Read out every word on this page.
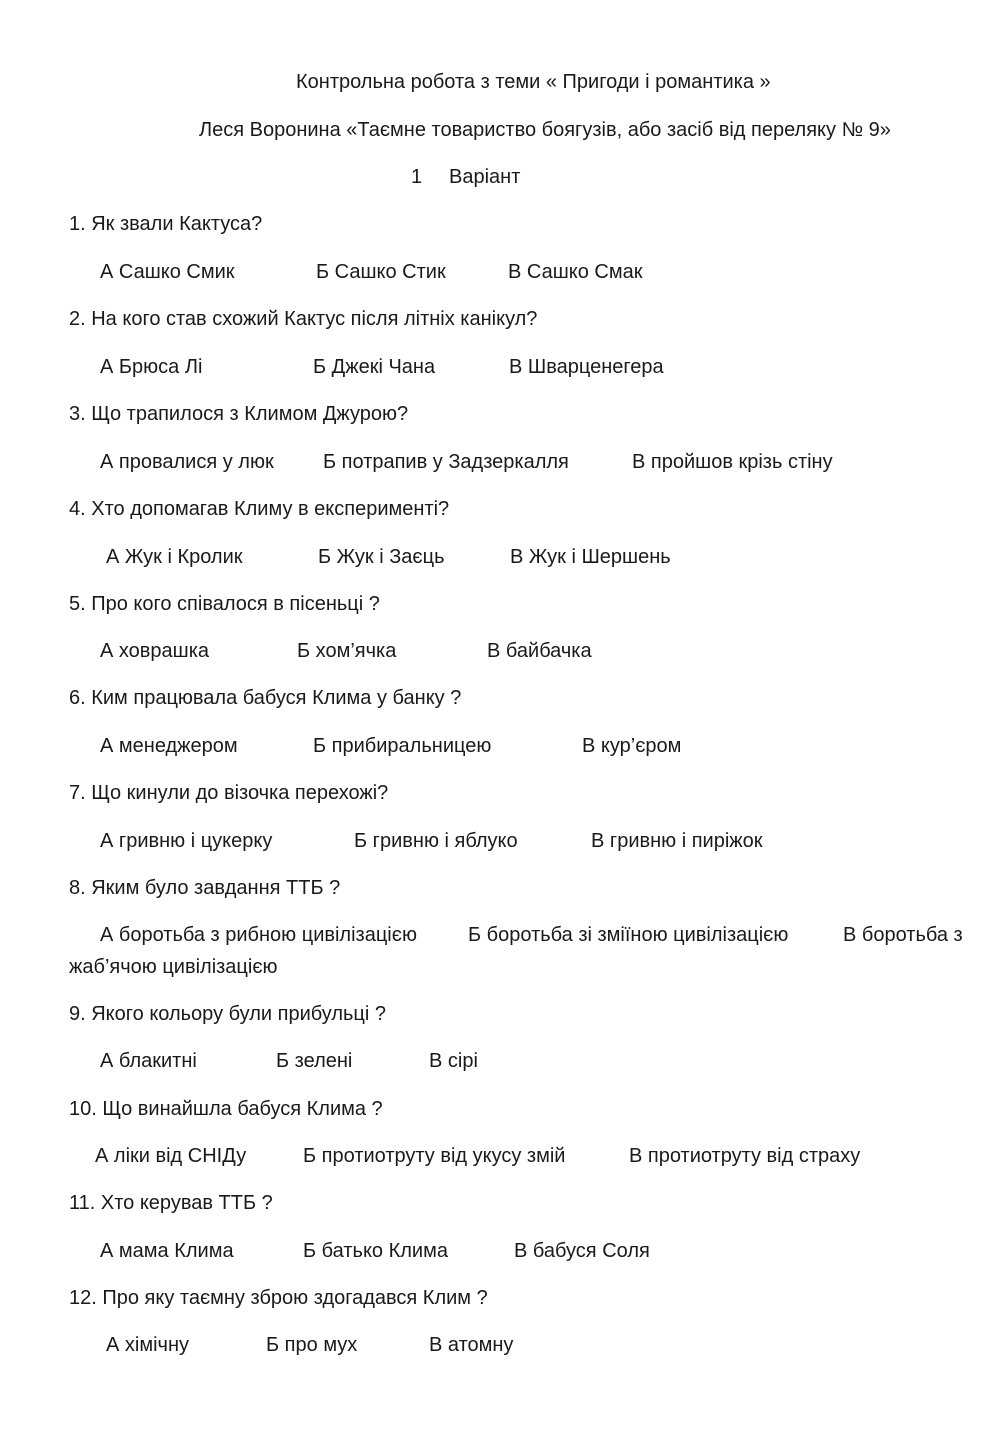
Контрольна робота з теми « Пригоди і романтика »
Леся Воронина «Таємне товариство боягузів, або засіб від переляку № 9»
1 Варіант
1. Як звали Кактуса?
А Сашко Смик	Б Сашко Стик	В Сашко Смак
2. На кого став схожий Кактус після літніх канікул?
А Брюса Лі	Б Джекі Чана	В Шварценегера
3. Що трапилося з Климом Джурою?
А провалися у люк Б потрапив у Задзеркалля	В пройшов крізь стіну
4. Хто допомагав Климу в експерименті?
А Жук і Кролик	Б Жук і Заєць	В Жук і Шершень
5. Про кого співалося в пісеньці ?
А ховрашка	Б хом’ячка	В байбачка
6. Ким працювала бабуся Клима у банку ?
А менеджером	Б прибиральницею	В кур’єром
7. Що кинули до візочка перехожі?
А гривню і цукерку	Б гривню і яблуко	В гривню і пиріжок
8. Яким було завдання ТТБ ?
А боротьба з рибною цивілізацією	Б боротьба зі зміїною цивілізацією	В боротьба з
жаб’ячою цивілізацією
9. Якого кольору були прибульці ?
А блакитні	Б зелені	В сірі
10. Що винайшла бабуся Клима ?
А ліки від СНІДу	Б протиотруту від укусу змій	В протиотруту від страху
11. Хто керував ТТБ ?
А мама Клима	Б батько Клима	В бабуся Соля
12. Про яку таємну зброю здогадався Клим ?
А хімічну	Б про мух	В атомну
